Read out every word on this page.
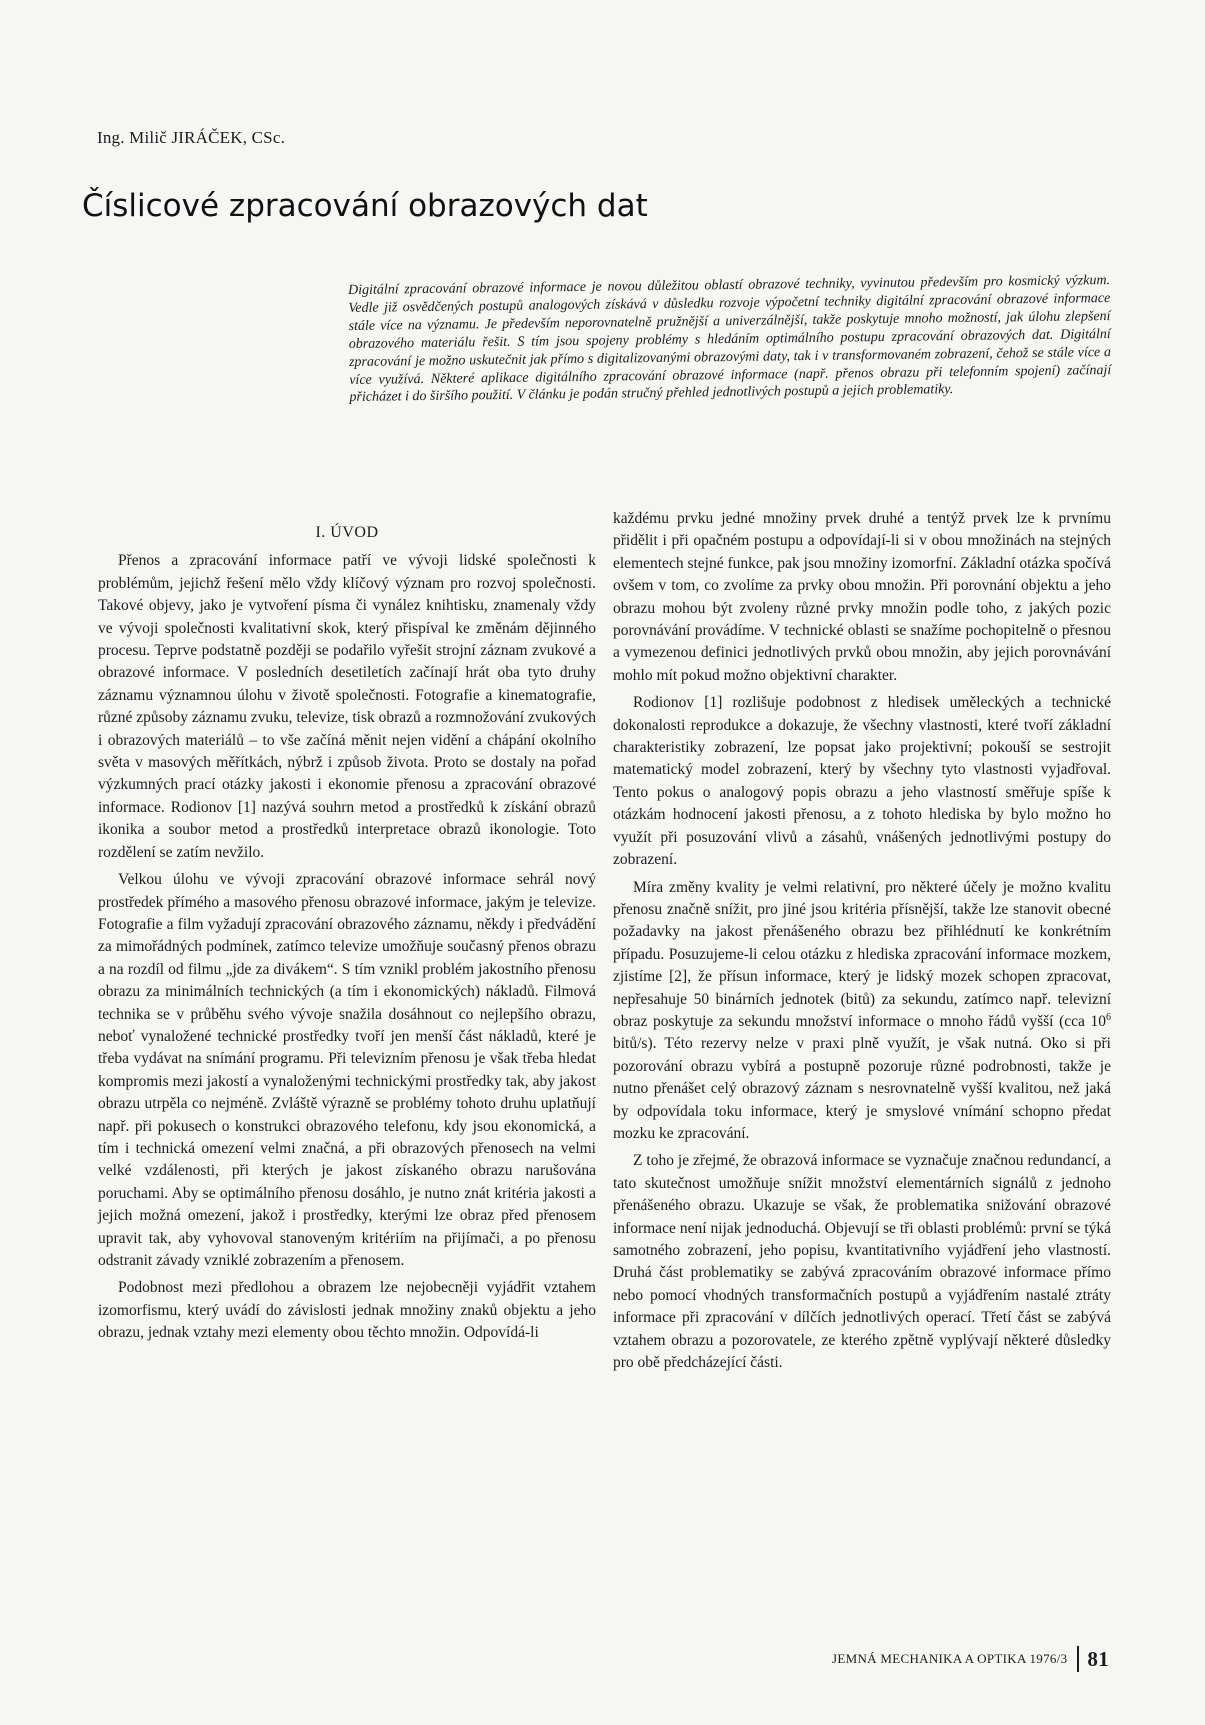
Ing. Milič JIRÁČEK, CSc.
Číslicové zpracování obrazových dat

Digitální zpracování obrazové informace je novou důležitou oblastí obrazové techniky, vyvinutou především pro kosmický výzkum. Vedle již osvědčených postupů analogových získává v důsledku rozvoje výpočetní techniky digitální zpracování obrazové informace stále více na významu. Je především neporovnatelně pružnější a univerzálnější, takže poskytuje mnoho možností, jak úlohu zlepšení obrazového materiálu řešit. S tím jsou spojeny problémy s hledáním optimálního postupu zpracování obrazových dat. Digitální zpracování je možno uskutečnit jak přímo s digitalizovanými obrazovými daty, tak i v transformovaném zobrazení, čehož se stále více a více využívá. Některé aplikace digitálního zpracování obrazové informace (např. přenos obrazu při telefonním spojení) začínají přicházet i do širšího použití. V článku je podán stručný přehled jednotlivých postupů a jejich problematiky.

I. ÚVOD

Přenos a zpracování informace patří ve vývoji lidské společnosti k problémům, jejichž řešení mělo vždy klíčový význam pro rozvoj společnosti. Takové objevy, jako je vytvoření písma či vynález knihtisku, znamenaly vždy ve vývoji společnosti kvalitativní skok, který přispíval ke změnám dějinného procesu. Teprve podstatně později se podařilo vyřešit strojní záznam zvukové a obrazové informace. V posledních desetiletích začínají hrát oba tyto druhy záznamu významnou úlohu v životě společnosti. Fotografie a kinematografie, různé způsoby záznamu zvuku, televize, tisk obrazů a rozmnožování zvukových i obrazových materiálů – to vše začíná měnit nejen vidění a chápání okolního světa v masových měřítkách, nýbrž i způsob života. Proto se dostaly na pořad výzkumných prací otázky jakosti i ekonomie přenosu a zpracování obrazové informace. Rodionov [1] nazývá souhrn metod a prostředků k získání obrazů ikonika a soubor metod a prostředků interpretace obrazů ikonologie. Toto rozdělení se zatím nevžilo.

Velkou úlohu ve vývoji zpracování obrazové informace sehrál nový prostředek přímého a masového přenosu obrazové informace, jakým je televize. Fotografie a film vyžadují zpracování obrazového záznamu, někdy i předvádění za mimořádných podmínek, zatímco televize umožňuje současný přenos obrazu a na rozdíl od filmu „jde za divákem“. S tím vznikl problém jakostního přenosu obrazu za minimálních technických (a tím i ekonomických) nákladů. Filmová technika se v průběhu svého vývoje snažila dosáhnout co nejlepšího obrazu, neboť vynaložené technické prostředky tvoří jen menší část nákladů, které je třeba vydávat na snímání programu. Při televizním přenosu je však třeba hledat kompromis mezi jakostí a vynaloženými technickými prostředky tak, aby jakost obrazu utrpěla co nejméně. Zvláště výrazně se problémy tohoto druhu uplatňují např. při pokusech o konstrukci obrazového telefonu, kdy jsou ekonomická, a tím i technická omezení velmi značná, a při obrazových přenosech na velmi velké vzdálenosti, při kterých je jakost získaného obrazu narušována poruchami. Aby se optimálního přenosu dosáhlo, je nutno znát kritéria jakosti a jejich možná omezení, jakož i prostředky, kterými lze obraz před přenosem upravit tak, aby vyhovoval stanoveným kritériím na přijímači, a po přenosu odstranit závady vzniklé zobrazením a přenosem.

Podobnost mezi předlohou a obrazem lze nejobecněji vyjádřit vztahem izomorfismu, který uvádí do závislosti jednak množiny znaků objektu a jeho obrazu, jednak vztahy mezi elementy obou těchto množin. Odpovídá-li

každému prvku jedné množiny prvek druhé a tentýž prvek lze k prvnímu přidělit i při opačném postupu a odpovídají-li si v obou množinách na stejných elementech stejné funkce, pak jsou množiny izomorfní. Základní otázka spočívá ovšem v tom, co zvolíme za prvky obou množin. Při porovnání objektu a jeho obrazu mohou být zvoleny různé prvky množin podle toho, z jakých pozic porovnávání provádíme. V technické oblasti se snažíme pochopitelně o přesnou a vymezenou definici jednotlivých prvků obou množin, aby jejich porovnávání mohlo mít pokud možno objektivní charakter.

Rodionov [1] rozlišuje podobnost z hledisek uměleckých a technické dokonalosti reprodukce a dokazuje, že všechny vlastnosti, které tvoří základní charakteristiky zobrazení, lze popsat jako projektivní; pokouší se sestrojit matematický model zobrazení, který by všechny tyto vlastnosti vyjadřoval. Tento pokus o analogový popis obrazu a jeho vlastností směřuje spíše k otázkám hodnocení jakosti přenosu, a z tohoto hlediska by bylo možno ho využít při posuzování vlivů a zásahů, vnášených jednotlivými postupy do zobrazení.

Míra změny kvality je velmi relativní, pro některé účely je možno kvalitu přenosu značně snížit, pro jiné jsou kritéria přísnější, takže lze stanovit obecné požadavky na jakost přenášeného obrazu bez přihlédnutí ke konkrétním případu. Posuzujeme-li celou otázku z hlediska zpracování informace mozkem, zjistíme [2], že přísun informace, který je lidský mozek schopen zpracovat, nepřesahuje 50 binárních jednotek (bitů) za sekundu, zatímco např. televizní obraz poskytuje za sekundu množství informace o mnoho řádů vyšší (cca $10^6$ bitů/s). Této rezervy nelze v praxi plně využít, je však nutná. Oko si při pozorování obrazu vybírá a postupně pozoruje různé podrobnosti, takže je nutno přenášet celý obrazový záznam s nesrovnatelně vyšší kvalitou, než jaká by odpovídala toku informace, který je smyslové vnímání schopno předat mozku ke zpracování.

Z toho je zřejmé, že obrazová informace se vyznačuje značnou redundancí, a tato skutečnost umožňuje snížit množství elementárních signálů z jednoho přenášeného obrazu. Ukazuje se však, že problematika snižování obrazové informace není nijak jednoduchá. Objevují se tři oblasti problémů: první se týká samotného zobrazení, jeho popisu, kvantitativního vyjádření jeho vlastností. Druhá část problematiky se zabývá zpracováním obrazové informace přímo nebo pomocí vhodných transformačních postupů a vyjádřením nastalé ztráty informace při zpracování v dílčích jednotlivých operací. Třetí část se zabývá vztahem obrazu a pozorovatele, ze kterého zpětně vyplývají některé důsledky pro obě předcházející části.

JEMNÁ MECHANIKA A OPTIKA 1976/3 81
